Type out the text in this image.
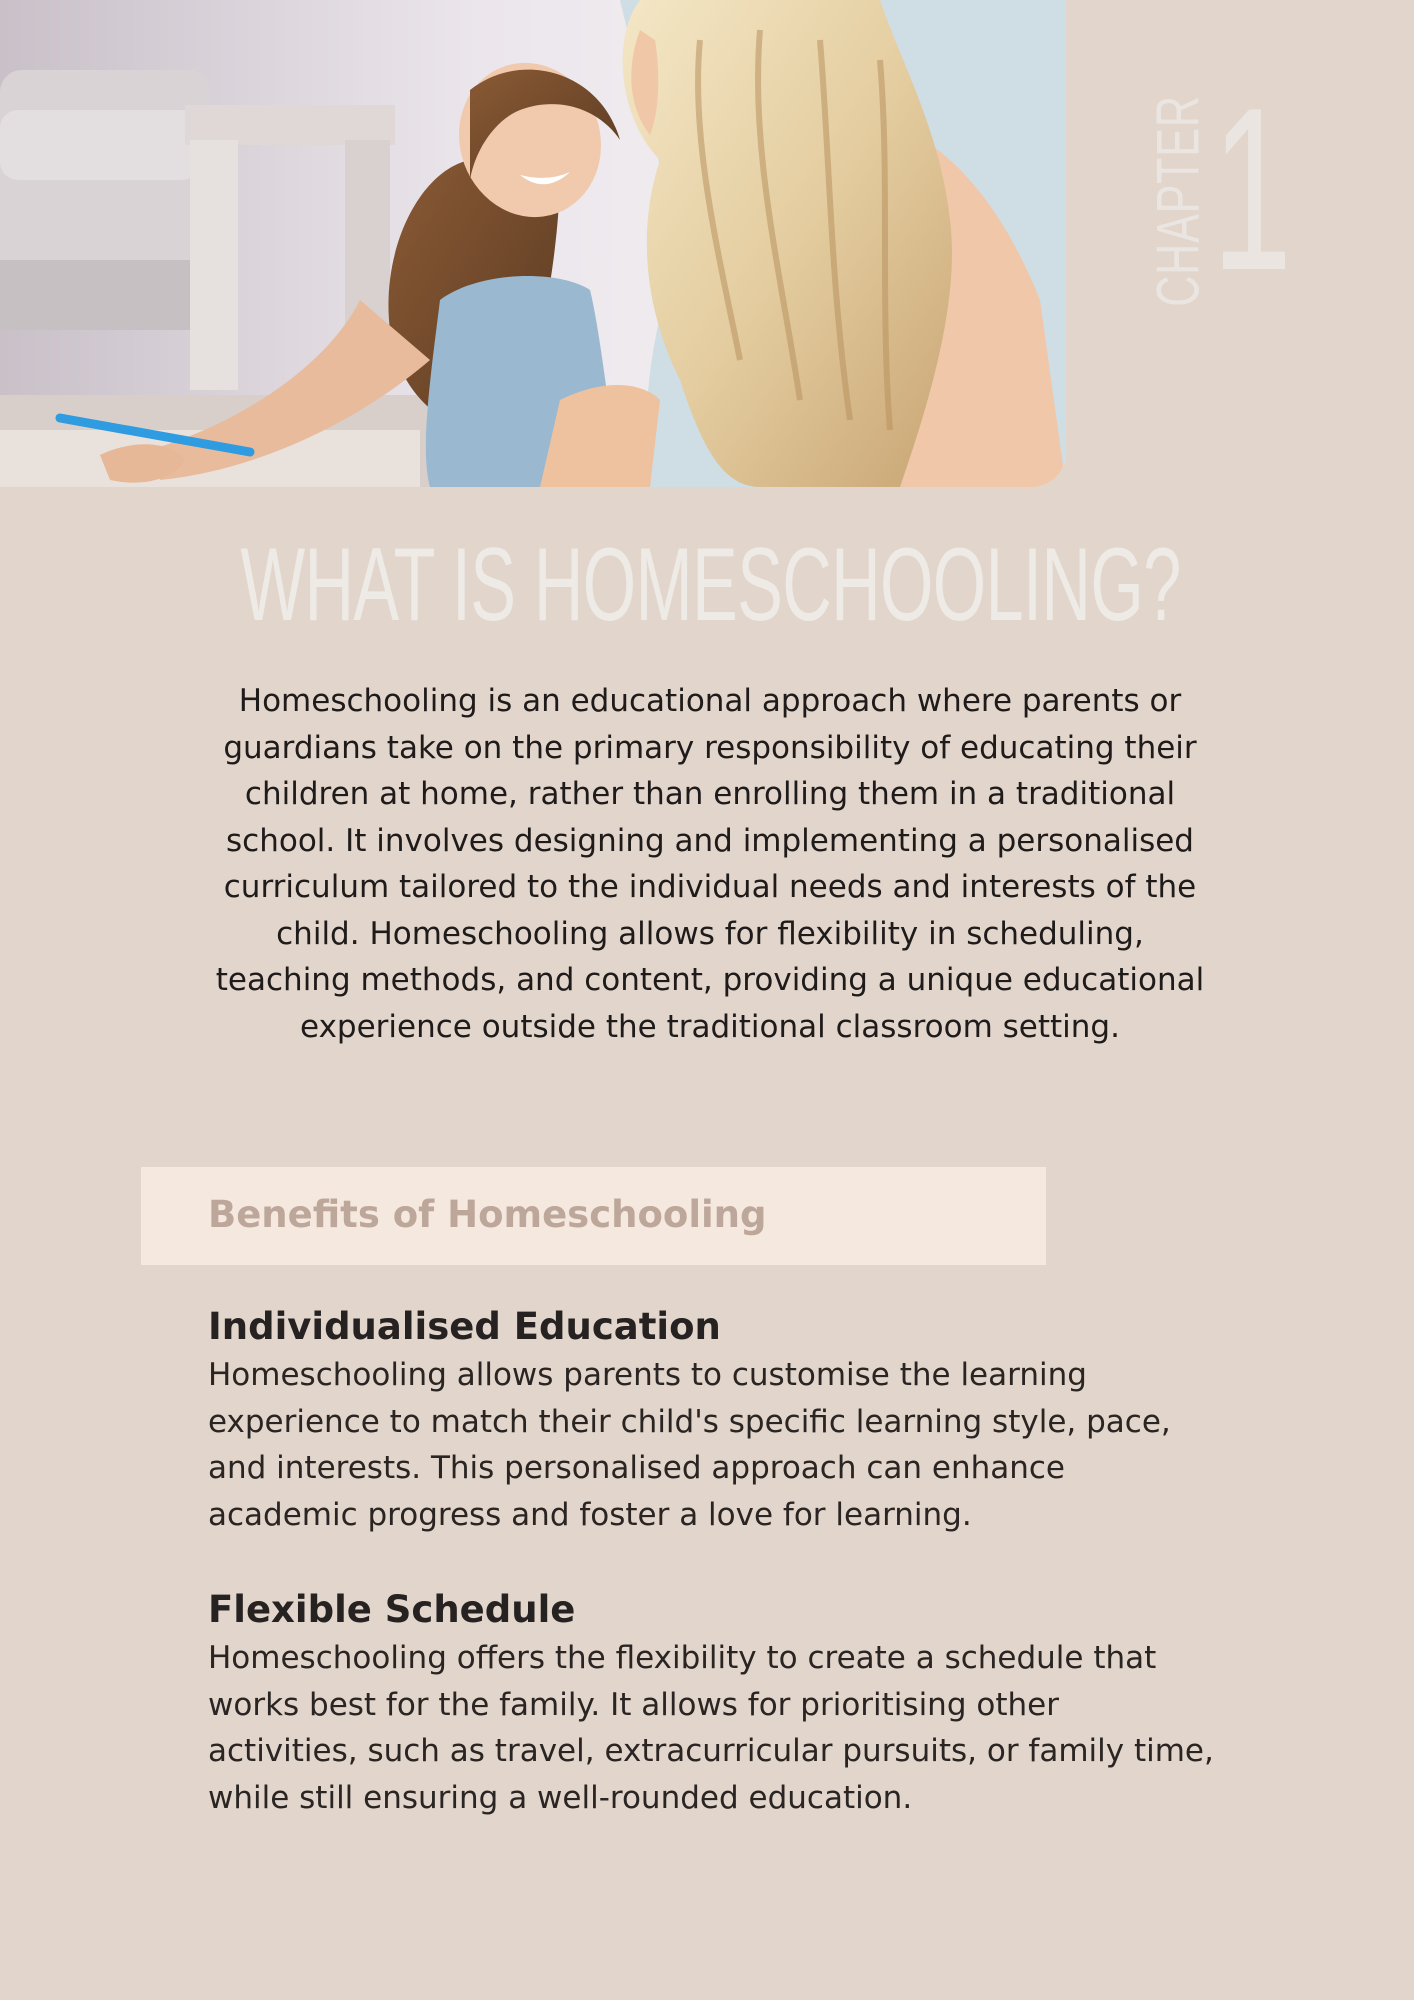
CHAPTER 1
WHAT IS HOMESCHOOLING?

Homeschooling is an educational approach where parents or guardians take on the primary responsibility of educating their children at home, rather than enrolling them in a traditional school. It involves designing and implementing a personalised curriculum tailored to the individual needs and interests of the child. Homeschooling allows for flexibility in scheduling, teaching methods, and content, providing a unique educational experience outside the traditional classroom setting.

Benefits of Homeschooling
Individualised Education

Homeschooling allows parents to customise the learning experience to match their child's specific learning style, pace, and interests. This personalised approach can enhance academic progress and foster a love for learning.

Flexible Schedule

Homeschooling offers the flexibility to create a schedule that works best for the family. It allows for prioritising other activities, such as travel, extracurricular pursuits, or family time, while still ensuring a well-rounded education.
